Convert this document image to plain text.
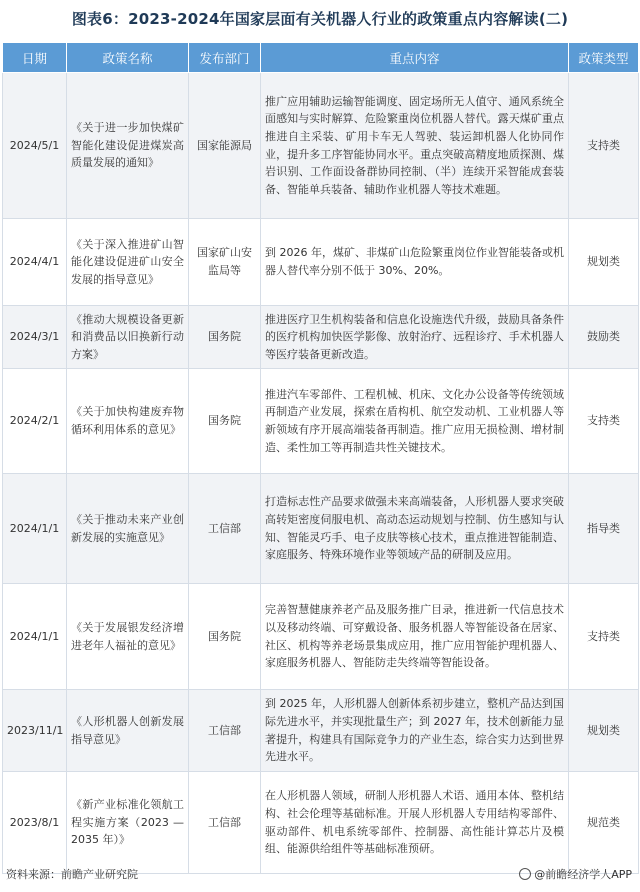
图表6：2023-2024年国家层面有关机器人行业的政策重点内容解读(二)
日期	政策名称	发布部门	重点内容	政策类型
2024/5/1	《关于进一步加快煤矿智能化建设促进煤炭高质量发展的通知》	国家能源局	推广应用辅助运输智能调度、固定场所无人值守、通风系统全面感知与实时解算、危险繁重岗位机器人替代。露天煤矿重点推进自主采装、矿用卡车无人驾驶、装运卸机器人化协同作业，提升多工序智能协同水平。重点突破高精度地质探测、煤岩识别、工作面设备群协同控制、（半）连续开采智能成套装备、智能单兵装备、辅助作业机器人等技术难题。	支持类
2024/4/1	《关于深入推进矿山智能化建设促进矿山安全发展的指导意见》	国家矿山安监局等	到 2026 年，煤矿、非煤矿山危险繁重岗位作业智能装备或机器人替代率分别不低于 30%、20%。	规划类
2024/3/1	《推动大规模设备更新和消费品以旧换新行动方案》	国务院	推进医疗卫生机构装备和信息化设施迭代升级，鼓励具备条件的医疗机构加快医学影像、放射治疗、远程诊疗、手术机器人等医疗装备更新改造。	鼓励类
2024/2/1	《关于加快构建废弃物循环利用体系的意见》	国务院	推进汽车零部件、工程机械、机床、文化办公设备等传统领域再制造产业发展，探索在盾构机、航空发动机、工业机器人等新领域有序开展高端装备再制造。推广应用无损检测、增材制造、柔性加工等再制造共性关键技术。	支持类
2024/1/1	《关于推动未来产业创新发展的实施意见》	工信部	打造标志性产品要求做强未来高端装备，人形机器人要求突破高转矩密度伺服电机、高动态运动规划与控制、仿生感知与认知、智能灵巧手、电子皮肤等核心技术，重点推进智能制造、家庭服务、特殊环境作业等领域产品的研制及应用。	指导类
2024/1/1	《关于发展银发经济增进老年人福祉的意见》	国务院	完善智慧健康养老产品及服务推广目录，推进新一代信息技术以及移动终端、可穿戴设备、服务机器人等智能设备在居家、社区、机构等养老场景集成应用，推广应用智能护理机器人、家庭服务机器人、智能防走失终端等智能设备。	支持类
2023/11/1	《人形机器人创新发展指导意见》	工信部	到 2025 年，人形机器人创新体系初步建立，整机产品达到国际先进水平，并实现批量生产；到 2027 年，技术创新能力显著提升，构建具有国际竞争力的产业生态，综合实力达到世界先进水平。	规划类
2023/8/1	《新产业标准化领航工程实施方案（2023 — 2035 年）》	工信部	在人形机器人领域，研制人形机器人术语、通用本体、整机结构、社会伦理等基础标准。开展人形机器人专用结构零部件、驱动部件、机电系统零部件、控制器、高性能计算芯片及模组、能源供给组件等基础标准预研。	规范类
资料来源：前瞻产业研究院	@前瞻经济学人APP
